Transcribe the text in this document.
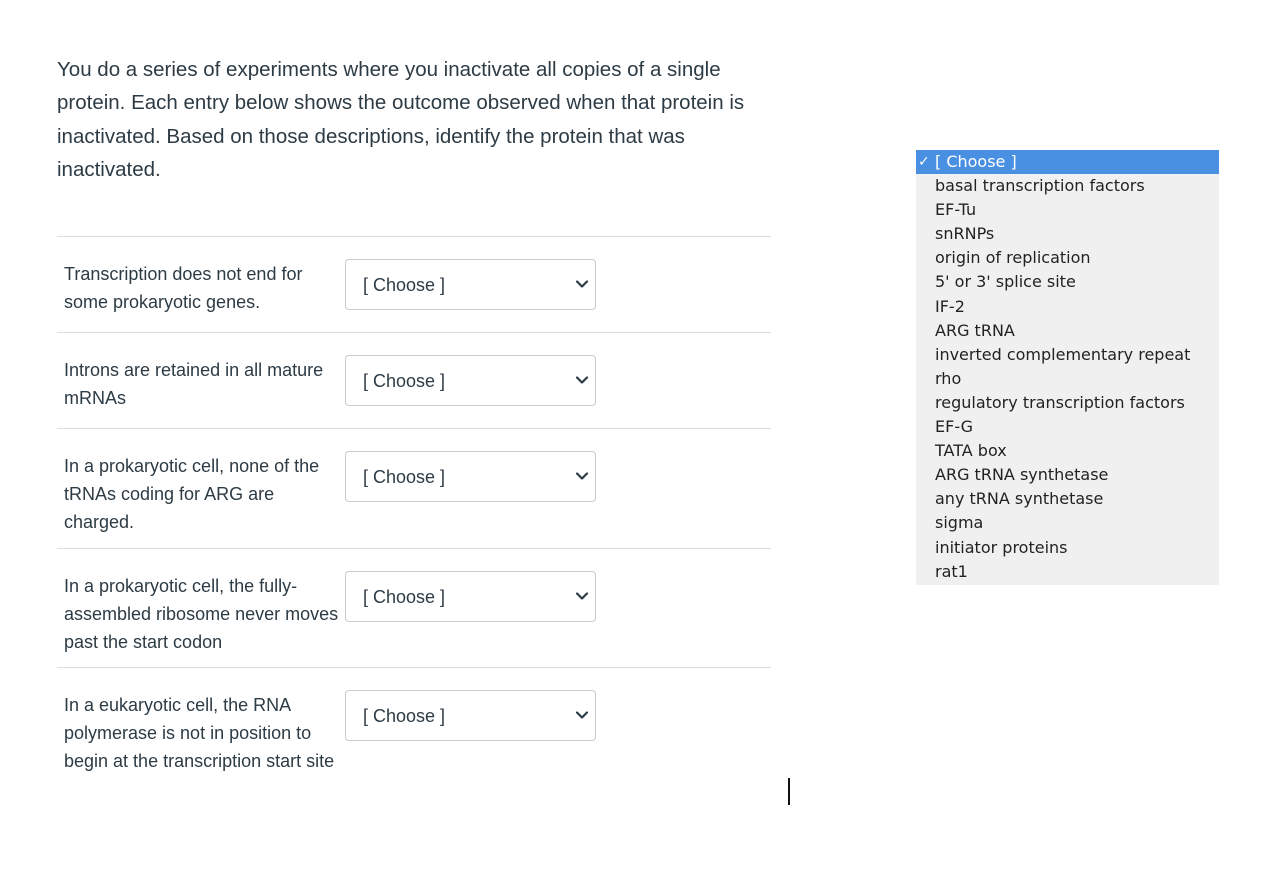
You do a series of experiments where you inactivate all copies of a single protein. Each entry below shows the outcome observed when that protein is inactivated. Based on those descriptions, identify the protein that was inactivated.

Transcription does not end for some prokaryotic genes.
[ Choose ]
Introns are retained in all mature mRNAs
[ Choose ]
In a prokaryotic cell, none of the tRNAs coding for ARG are charged.
[ Choose ]
In a prokaryotic cell, the fully-assembled ribosome never moves past the start codon
[ Choose ]
In a eukaryotic cell, the RNA polymerase is not in position to begin at the transcription start site
[ Choose ]
✓ [ Choose ]
basal transcription factors
EF-Tu
snRNPs
origin of replication
5' or 3' splice site
IF-2
ARG tRNA
inverted complementary repeat
rho
regulatory transcription factors
EF-G
TATA box
ARG tRNA synthetase
any tRNA synthetase
sigma
initiator proteins
rat1
